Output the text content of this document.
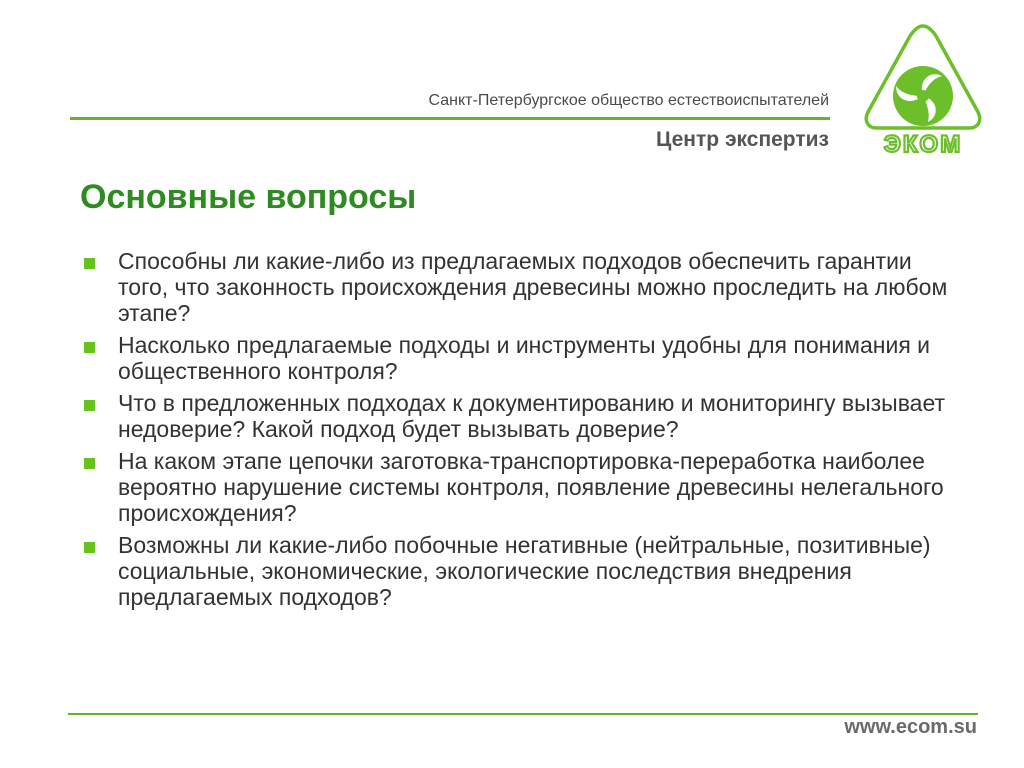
Санкт-Петербургское общество естествоиспытателей
Центр экспертиз ЭКОМ
Основные вопросы
Способны ли какие-либо из предлагаемых подходов обеспечить гарантии того, что законность происхождения древесины можно проследить на любом этапе?
Насколько предлагаемые подходы и инструменты удобны для понимания и общественного контроля?
Что в предложенных подходах к документированию и мониторингу вызывает недоверие? Какой подход будет вызывать доверие?
На каком этапе цепочки заготовка-транспортировка-переработка наиболее вероятно нарушение системы контроля, появление древесины нелегального происхождения?
Возможны ли какие-либо побочные негативные (нейтральные, позитивные) социальные, экономические, экологические последствия внедрения предлагаемых подходов?
www.ecom.su
